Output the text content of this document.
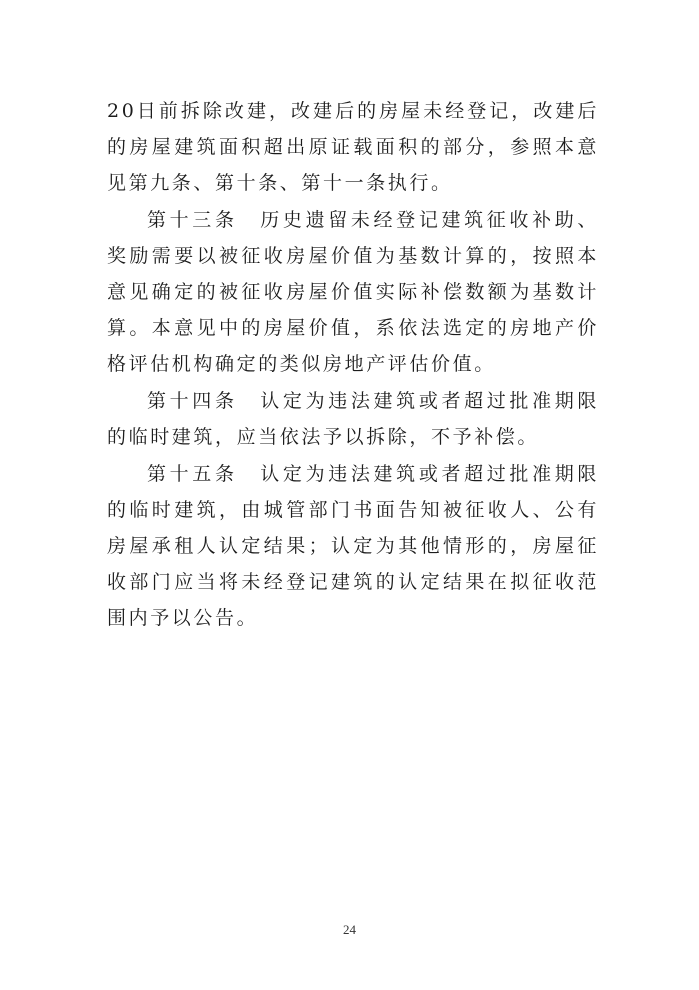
20日前拆除改建，改建后的房屋未经登记，改建后的房屋建筑面积超出原证载面积的部分，参照本意见第九条、第十条、第十一条执行。

第十三条　历史遗留未经登记建筑征收补助、奖励需要以被征收房屋价值为基数计算的，按照本意见确定的被征收房屋价值实际补偿数额为基数计算。本意见中的房屋价值，系依法选定的房地产价格评估机构确定的类似房地产评估价值。

第十四条　认定为违法建筑或者超过批准期限的临时建筑，应当依法予以拆除，不予补偿。

第十五条　认定为违法建筑或者超过批准期限的临时建筑，由城管部门书面告知被征收人、公有房屋承租人认定结果；认定为其他情形的，房屋征收部门应当将未经登记建筑的认定结果在拟征收范围内予以公告。

24
